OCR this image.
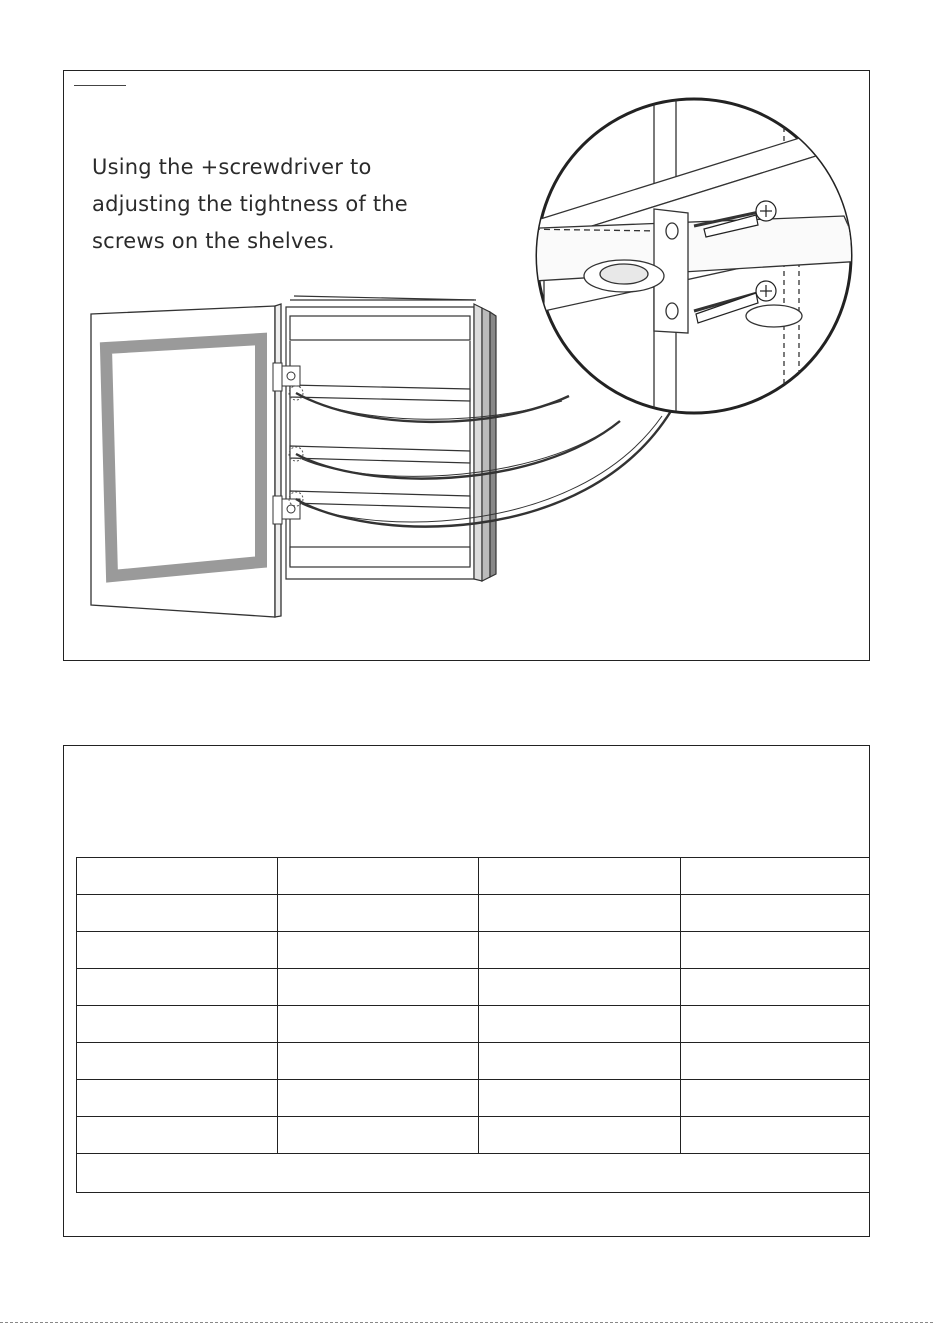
Using the +screwdriver to
adjusting the tightness of the
screws on the shelves.
